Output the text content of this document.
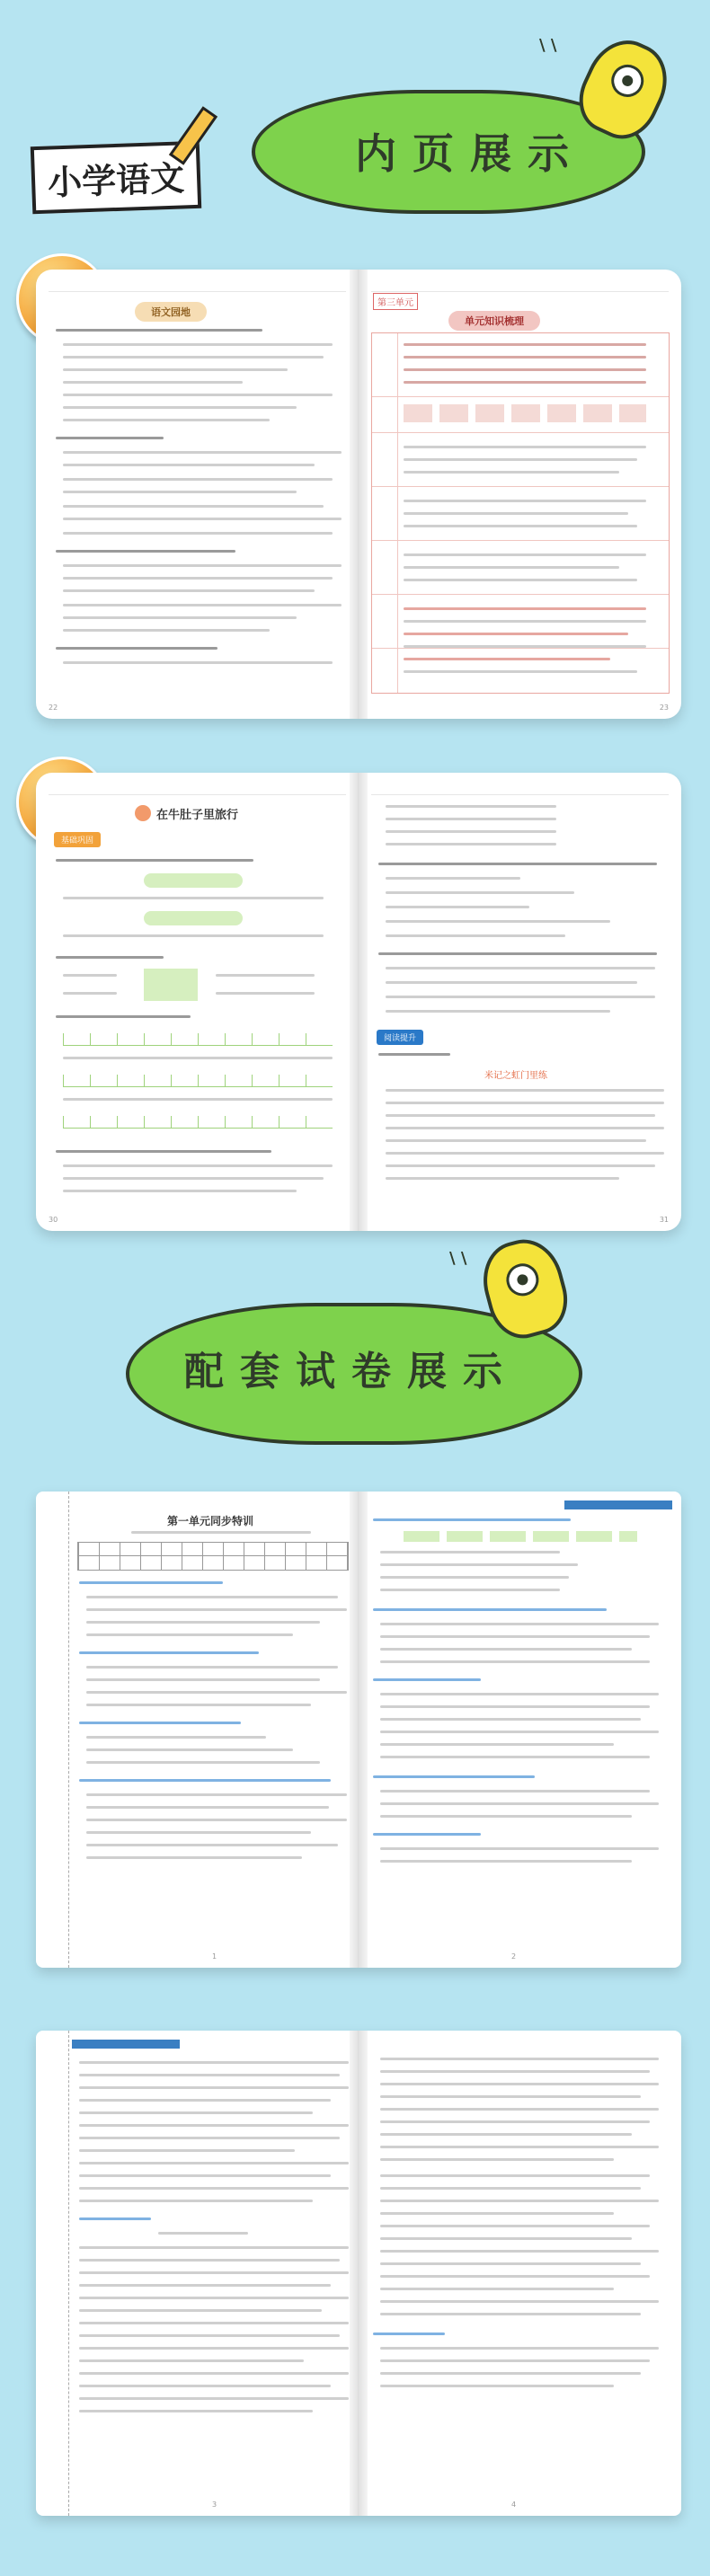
内页展示
小学语文
\ \
语文园地
22
第三单元
单元知识梳理
23
在牛肚子里旅行
基础巩固
30
阅读提升
米记之虹门里练
31
配套试卷展示
\ \
第一单元同步特训
1	2
3	4
